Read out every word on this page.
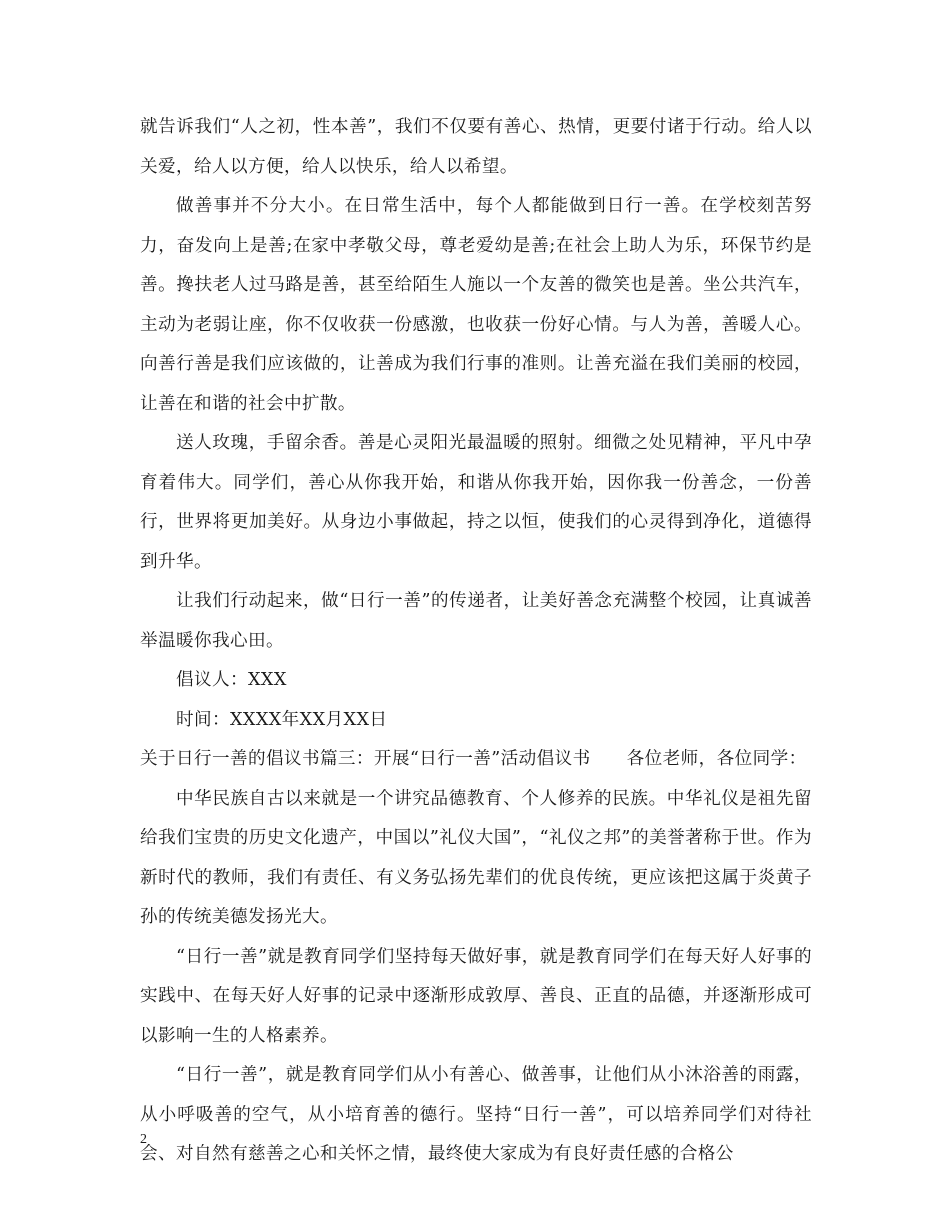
就告诉我们“人之初，性本善”，我们不仅要有善心、热情，更要付诸于行动。给人以关爱，给人以方便，给人以快乐，给人以希望。

做善事并不分大小。在日常生活中，每个人都能做到日行一善。在学校刻苦努力，奋发向上是善;在家中孝敬父母，尊老爱幼是善;在社会上助人为乐，环保节约是善。搀扶老人过马路是善，甚至给陌生人施以一个友善的微笑也是善。坐公共汽车，主动为老弱让座，你不仅收获一份感激，也收获一份好心情。与人为善，善暖人心。向善行善是我们应该做的，让善成为我们行事的准则。让善充溢在我们美丽的校园，让善在和谐的社会中扩散。

送人玫瑰，手留余香。善是心灵阳光最温暖的照射。细微之处见精神，平凡中孕育着伟大。同学们，善心从你我开始，和谐从你我开始，因你我一份善念，一份善行，世界将更加美好。从身边小事做起，持之以恒，使我们的心灵得到净化，道德得到升华。

让我们行动起来，做“日行一善”的传递者，让美好善念充满整个校园，让真诚善举温暖你我心田。

倡议人：XXX

时间：XXXX年XX月XX日

关于日行一善的倡议书篇三：开展“日行一善”活动倡议书　　各位老师，各位同学：

中华民族自古以来就是一个讲究品德教育、个人修养的民族。中华礼仪是祖先留给我们宝贵的历史文化遗产，中国以”礼仪大国”，“礼仪之邦”的美誉著称于世。作为新时代的教师，我们有责任、有义务弘扬先辈们的优良传统，更应该把这属于炎黄子孙的传统美德发扬光大。

“日行一善”就是教育同学们坚持每天做好事，就是教育同学们在每天好人好事的实践中、在每天好人好事的记录中逐渐形成敦厚、善良、正直的品德，并逐渐形成可以影响一生的人格素养。

“日行一善”，就是教育同学们从小有善心、做善事，让他们从小沐浴善的雨露，从小呼吸善的空气，从小培育善的德行。坚持“日行一善”，可以培养同学们对待社会、对自然有慈善之心和关怀之情，最终使大家成为有良好责任感的合格公

2
